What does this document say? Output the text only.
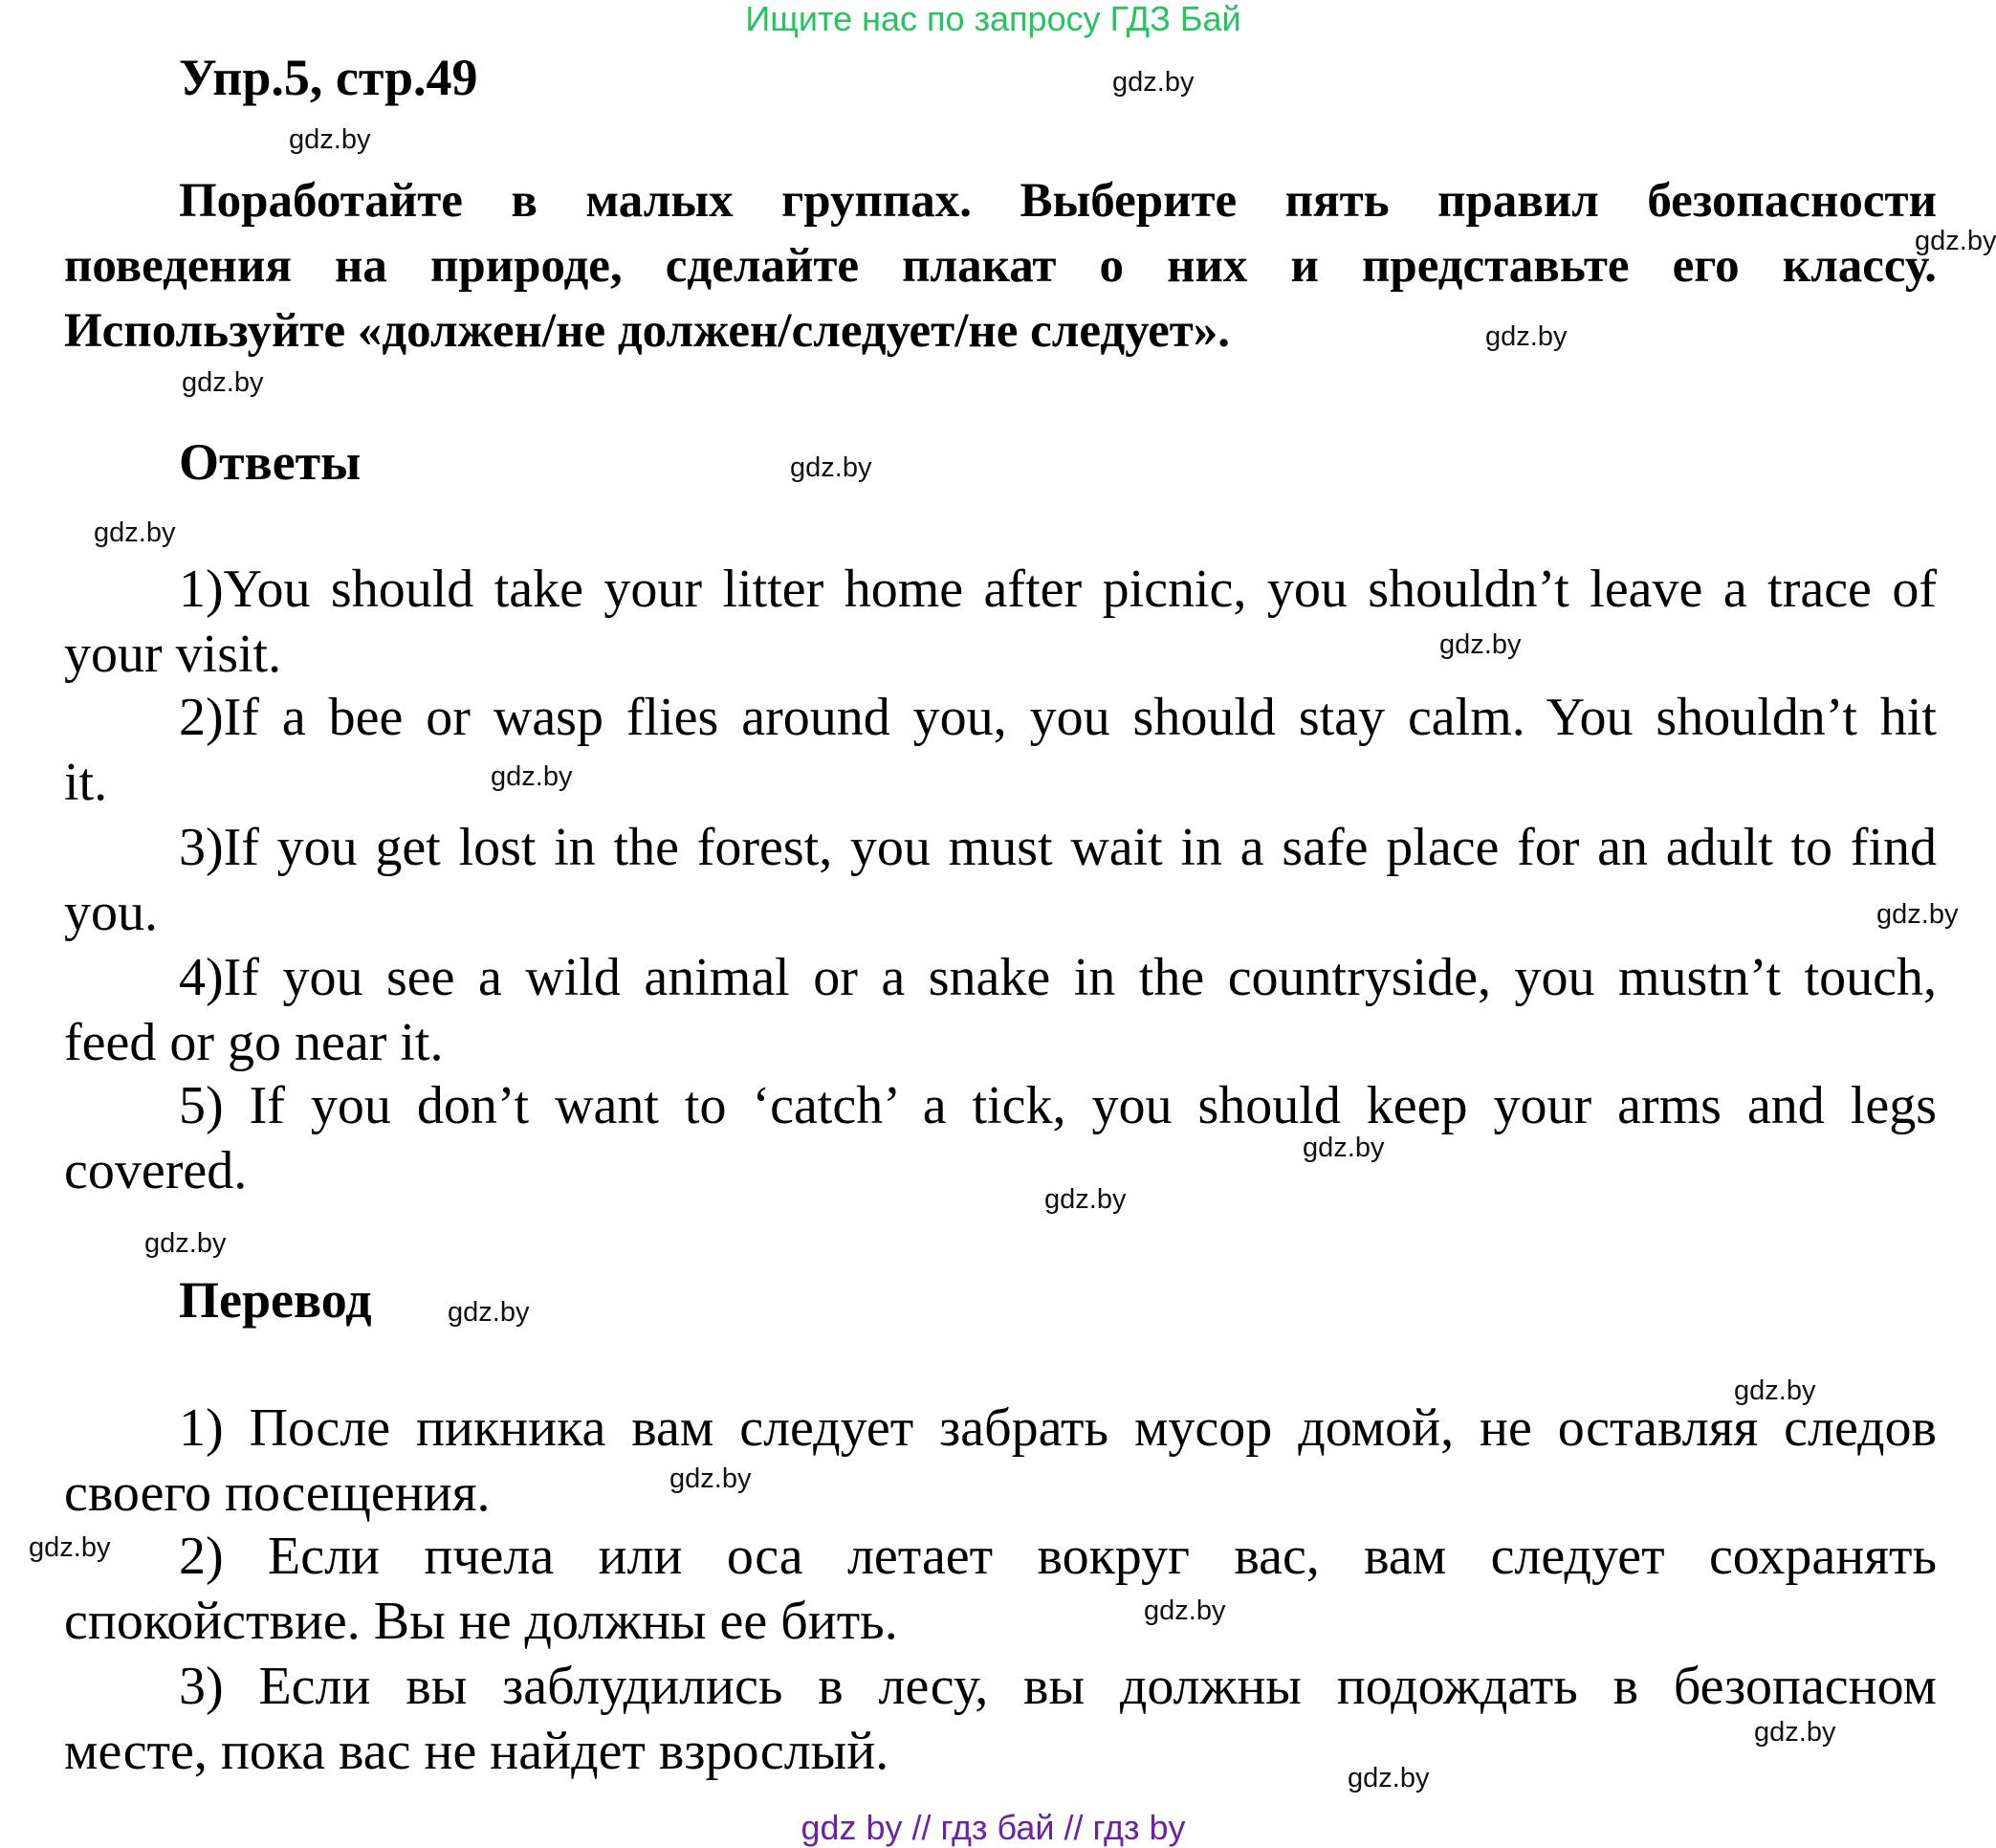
Ищите нас по запросу ГДЗ Бай
Упр.5, стр.49
Поработайте в малых группах. Выберите пять правил безопасности
поведения на природе, сделайте плакат о них и представьте его классу.
Используйте «должен/не должен/следует/не следует».
Ответы
1)You should take your litter home after picnic, you shouldn’t leave a trace of
your visit.
2)If a bee or wasp flies around you, you should stay calm. You shouldn’t hit
it.
3)If you get lost in the forest, you must wait in a safe place for an adult to find
you.
4)If you see a wild animal or a snake in the countryside, you mustn’t touch,
feed or go near it.
5) If you don’t want to ‘catch’ a tick, you should keep your arms and legs
covered.
Перевод
1) После пикника вам следует забрать мусор домой, не оставляя следов
своего посещения.
2) Если пчела или оса летает вокруг вас, вам следует сохранять
спокойствие. Вы не должны ее бить.
3) Если вы заблудились в лесу, вы должны подождать в безопасном
месте, пока вас не найдет взрослый.
gdz.by
gdz.by
gdz.by
gdz.by
gdz.by
gdz.by
gdz.by
gdz.by
gdz.by
gdz.by
gdz.by
gdz.by
gdz.by
gdz.by
gdz.by
gdz.by
gdz.by
gdz.by
gdz.by
gdz.by
gdz by // гдз бай // гдз by
